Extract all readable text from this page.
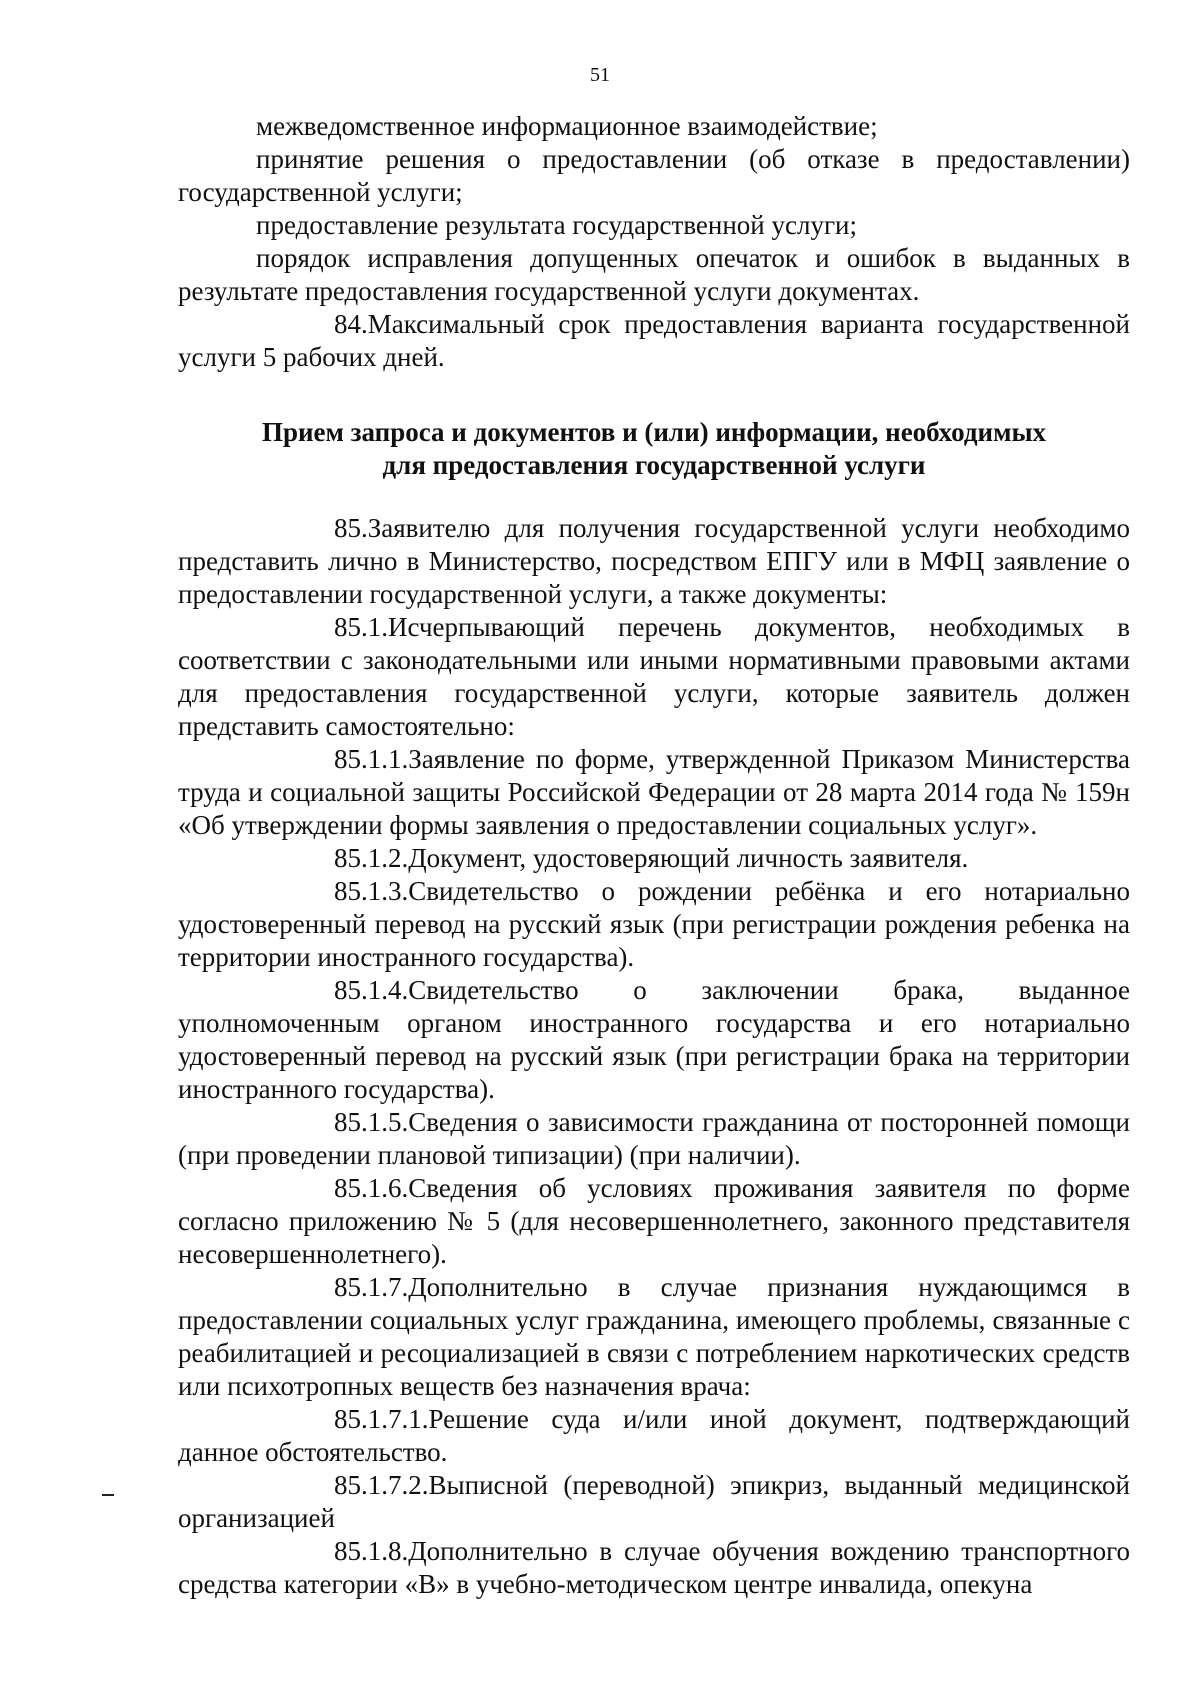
51

межведомственное информационное взаимодействие;

принятие решения о предоставлении (об отказе в предоставлении) государственной услуги;

предоставление результата государственной услуги;

порядок исправления допущенных опечаток и ошибок в выданных в результате предоставления государственной услуги документах.

84.Максимальный срок предоставления варианта государственной услуги 5 рабочих дней.

Прием запроса и документов и (или) информации, необходимых
для предоставления государственной услуги

85.Заявителю для получения государственной услуги необходимо представить лично в Министерство, посредством ЕПГУ или в МФЦ заявление о предоставлении государственной услуги, а также документы:

85.1.Исчерпывающий перечень документов, необходимых в соответствии с законодательными или иными нормативными правовыми актами для предоставления государственной услуги, которые заявитель должен представить самостоятельно:

85.1.1.Заявление по форме, утвержденной Приказом Министерства труда и социальной защиты Российской Федерации от 28 марта 2014 года № 159н «Об утверждении формы заявления о предоставлении социальных услуг».

85.1.2.Документ, удостоверяющий личность заявителя.

85.1.3.Свидетельство о рождении ребёнка и его нотариально удостоверенный перевод на русский язык (при регистрации рождения ребенка на территории иностранного государства).

85.1.4.Свидетельство о заключении брака, выданное уполномоченным органом иностранного государства и его нотариально удостоверенный перевод на русский язык (при регистрации брака на территории иностранного государства).

85.1.5.Сведения о зависимости гражданина от посторонней помощи (при проведении плановой типизации) (при наличии).

85.1.6.Сведения об условиях проживания заявителя по форме согласно приложению № 5 (для несовершеннолетнего, законного представителя несовершеннолетнего).

85.1.7.Дополнительно в случае признания нуждающимся в предоставлении социальных услуг гражданина, имеющего проблемы, связанные с реабилитацией и ресоциализацией в связи с потреблением наркотических средств или психотропных веществ без назначения врача:

85.1.7.1.Решение суда и/или иной документ, подтверждающий данное обстоятельство.

85.1.7.2.Выписной (переводной) эпикриз, выданный медицинской организацией

85.1.8.Дополнительно в случае обучения вождению транспортного средства категории «В» в учебно-методическом центре инвалида, опекуна
